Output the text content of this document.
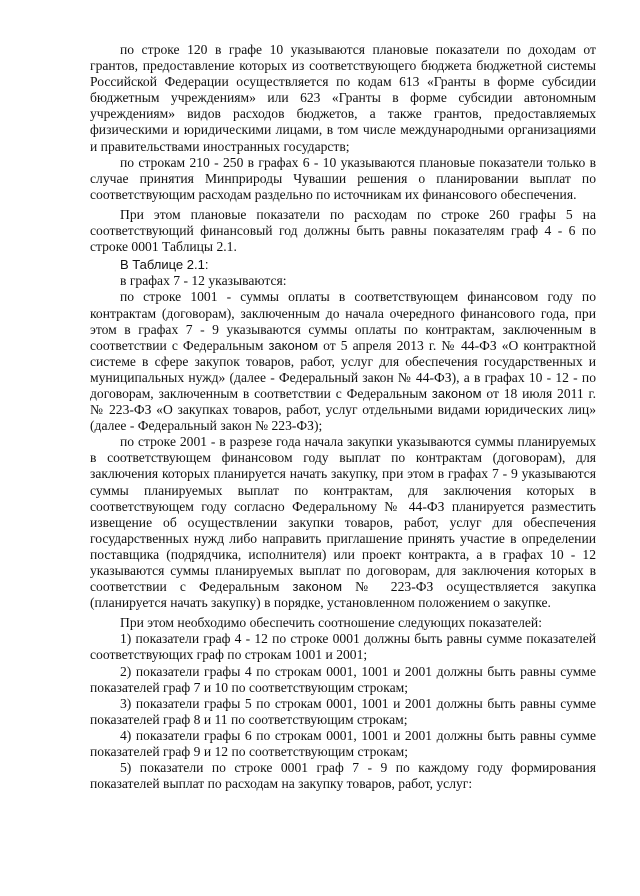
по строке 120 в графе 10 указываются плановые показатели по доходам от грантов, предоставление которых из соответствующего бюджета бюджетной системы Российской Федерации осуществляется по кодам 613 «Гранты в форме субсидии бюджетным учреждениям» или 623 «Гранты в форме субсидии автономным учреждениям» видов расходов бюджетов, а также грантов, предоставляемых физическими и юридическими лицами, в том числе международными организациями и правительствами иностранных государств;

по строкам 210 - 250 в графах 6 - 10 указываются плановые показатели только в случае принятия Минприроды Чувашии решения о планировании выплат по соответствующим расходам раздельно по источникам их финансового обеспечения.

При этом плановые показатели по расходам по строке 260 графы 5 на соответствующий финансовый год должны быть равны показателям граф 4 - 6 по строке 0001 Таблицы 2.1.

В Таблице 2.1:

в графах 7 - 12 указываются:

по строке 1001 - суммы оплаты в соответствующем финансовом году по контрактам (договорам), заключенным до начала очередного финансового года, при этом в графах 7 - 9 указываются суммы оплаты по контрактам, заключенным в соответствии с Федеральным законом от 5 апреля 2013 г. № 44-ФЗ «О контрактной системе в сфере закупок товаров, работ, услуг для обеспечения государственных и муниципальных нужд» (далее - Федеральный закон № 44-ФЗ), а в графах 10 - 12 - по договорам, заключенным в соответствии с Федеральным законом от 18 июля 2011 г. № 223-ФЗ «О закупках товаров, работ, услуг отдельными видами юридических лиц» (далее - Федеральный закон № 223-ФЗ);

по строке 2001 - в разрезе года начала закупки указываются суммы планируемых в соответствующем финансовом году выплат по контрактам (договорам), для заключения которых планируется начать закупку, при этом в графах 7 - 9 указываются суммы планируемых выплат по контрактам, для заключения которых в соответствующем году согласно Федеральному № 44-ФЗ планируется разместить извещение об осуществлении закупки товаров, работ, услуг для обеспечения государственных нужд либо направить приглашение принять участие в определении поставщика (подрядчика, исполнителя) или проект контракта, а в графах 10 - 12 указываются суммы планируемых выплат по договорам, для заключения которых в соответствии с Федеральным законом № 223-ФЗ осуществляется закупка (планируется начать закупку) в порядке, установленном положением о закупке.

При этом необходимо обеспечить соотношение следующих показателей:

1) показатели граф 4 - 12 по строке 0001 должны быть равны сумме показателей соответствующих граф по строкам 1001 и 2001;

2) показатели графы 4 по строкам 0001, 1001 и 2001 должны быть равны сумме показателей граф 7 и 10 по соответствующим строкам;

3) показатели графы 5 по строкам 0001, 1001 и 2001 должны быть равны сумме показателей граф 8 и 11 по соответствующим строкам;

4) показатели графы 6 по строкам 0001, 1001 и 2001 должны быть равны сумме показателей граф 9 и 12 по соответствующим строкам;

5) показатели по строке 0001 граф 7 - 9 по каждому году формирования показателей выплат по расходам на закупку товаров, работ, услуг:
